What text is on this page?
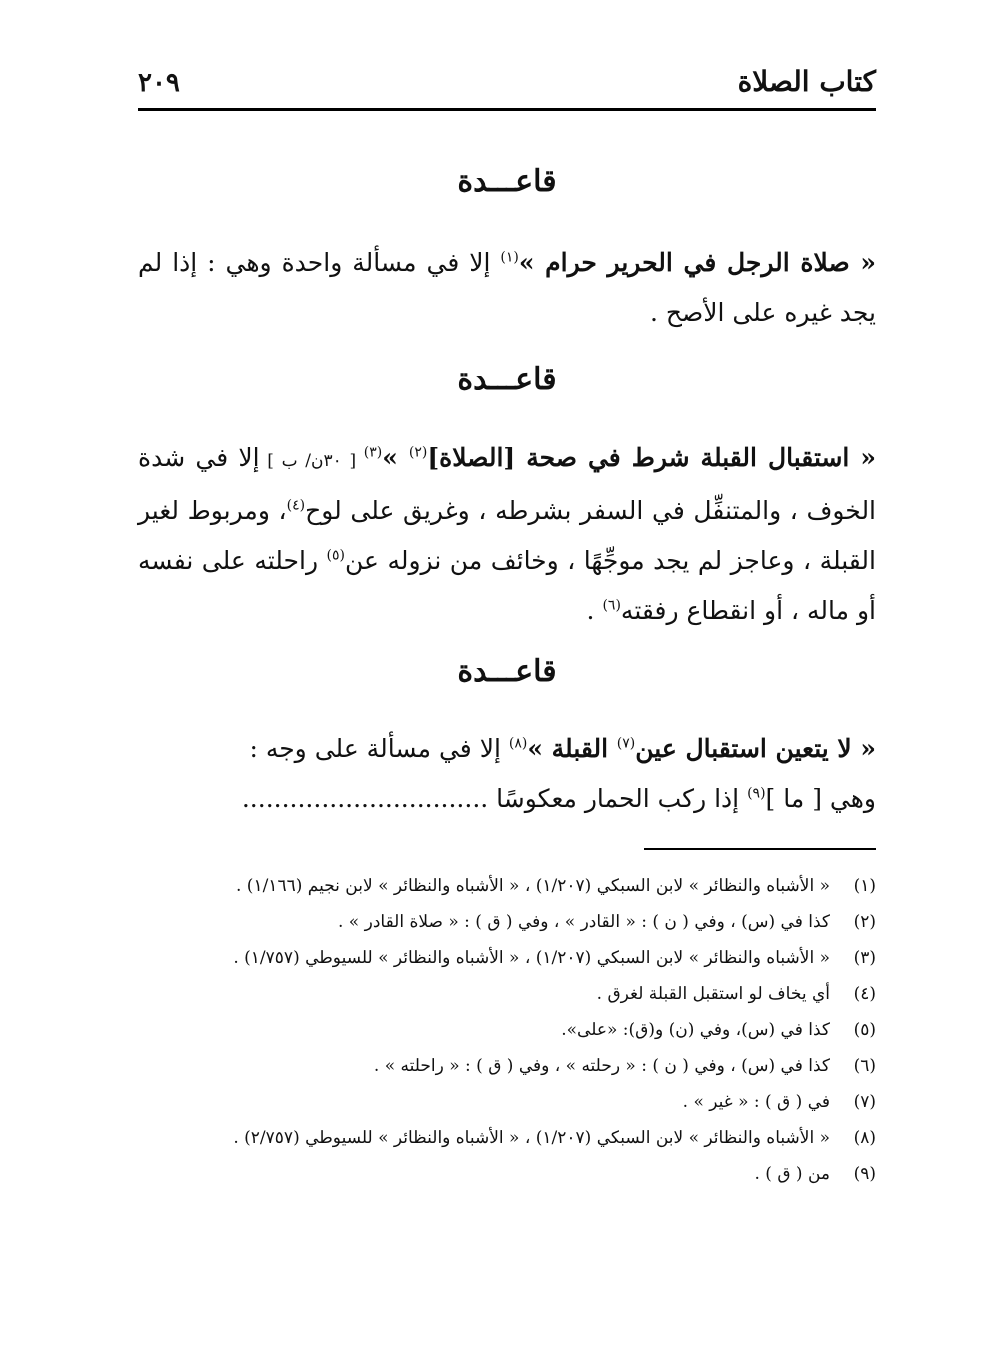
٢٠٩	كتاب الصلاة
قاعـــدة
« صلاة الرجل في الحرير حرام »$^{(١)}$ إلا في مسألة واحدة وهي : إذا لم يجد غيره على الأصح .
قاعـــدة
« استقبال القبلة شرط في صحة [الصلاة]$^{(٢)}$ »$^{(٣)}$ [ ٣٠ن/ ب ] إلا في شدة الخوف ، والمتنفِّل في السفر بشرطه ، وغريق على لوح$^{(٤)}$، ومربوط لغير القبلة ، وعاجز لم يجد موجِّهًا ، وخائف من نزوله عن$^{(٥)}$ راحلته على نفسه أو ماله ، أو انقطاع رفقته$^{(٦)}$ .
قاعـــدة
« لا يتعين استقبال عين$^{(٧)}$ القبلة »$^{(٨)}$ إلا في مسألة على وجه :
وهي [ ما ]$^{(٩)}$ إذا ركب الحمار معكوسًا ...............................
(١)
« الأشباه والنظائر » لابن السبكي (١/٢٠٧) ، « الأشباه والنظائر » لابن نجيم (١/١٦٦) .
(٢)
كذا في (س) ، وفي ( ن ) : « القادر » ، وفي ( ق ) : « صلاة القادر » .
(٣)
« الأشباه والنظائر » لابن السبكي (١/٢٠٧) ، « الأشباه والنظائر » للسيوطي (١/٧٥٧) .
(٤)
أي يخاف لو استقبل القبلة لغرق .
(٥)
كذا في (س)، وفي (ن) و(ق): «على».
(٦)
كذا في (س) ، وفي ( ن ) : « رحلته » ، وفي ( ق ) : « راحلته » .
(٧)
في ( ق ) : « غير » .
(٨)
« الأشباه والنظائر » لابن السبكي (١/٢٠٧) ، « الأشباه والنظائر » للسيوطي (٢/٧٥٧) .
(٩)
من ( ق ) .
